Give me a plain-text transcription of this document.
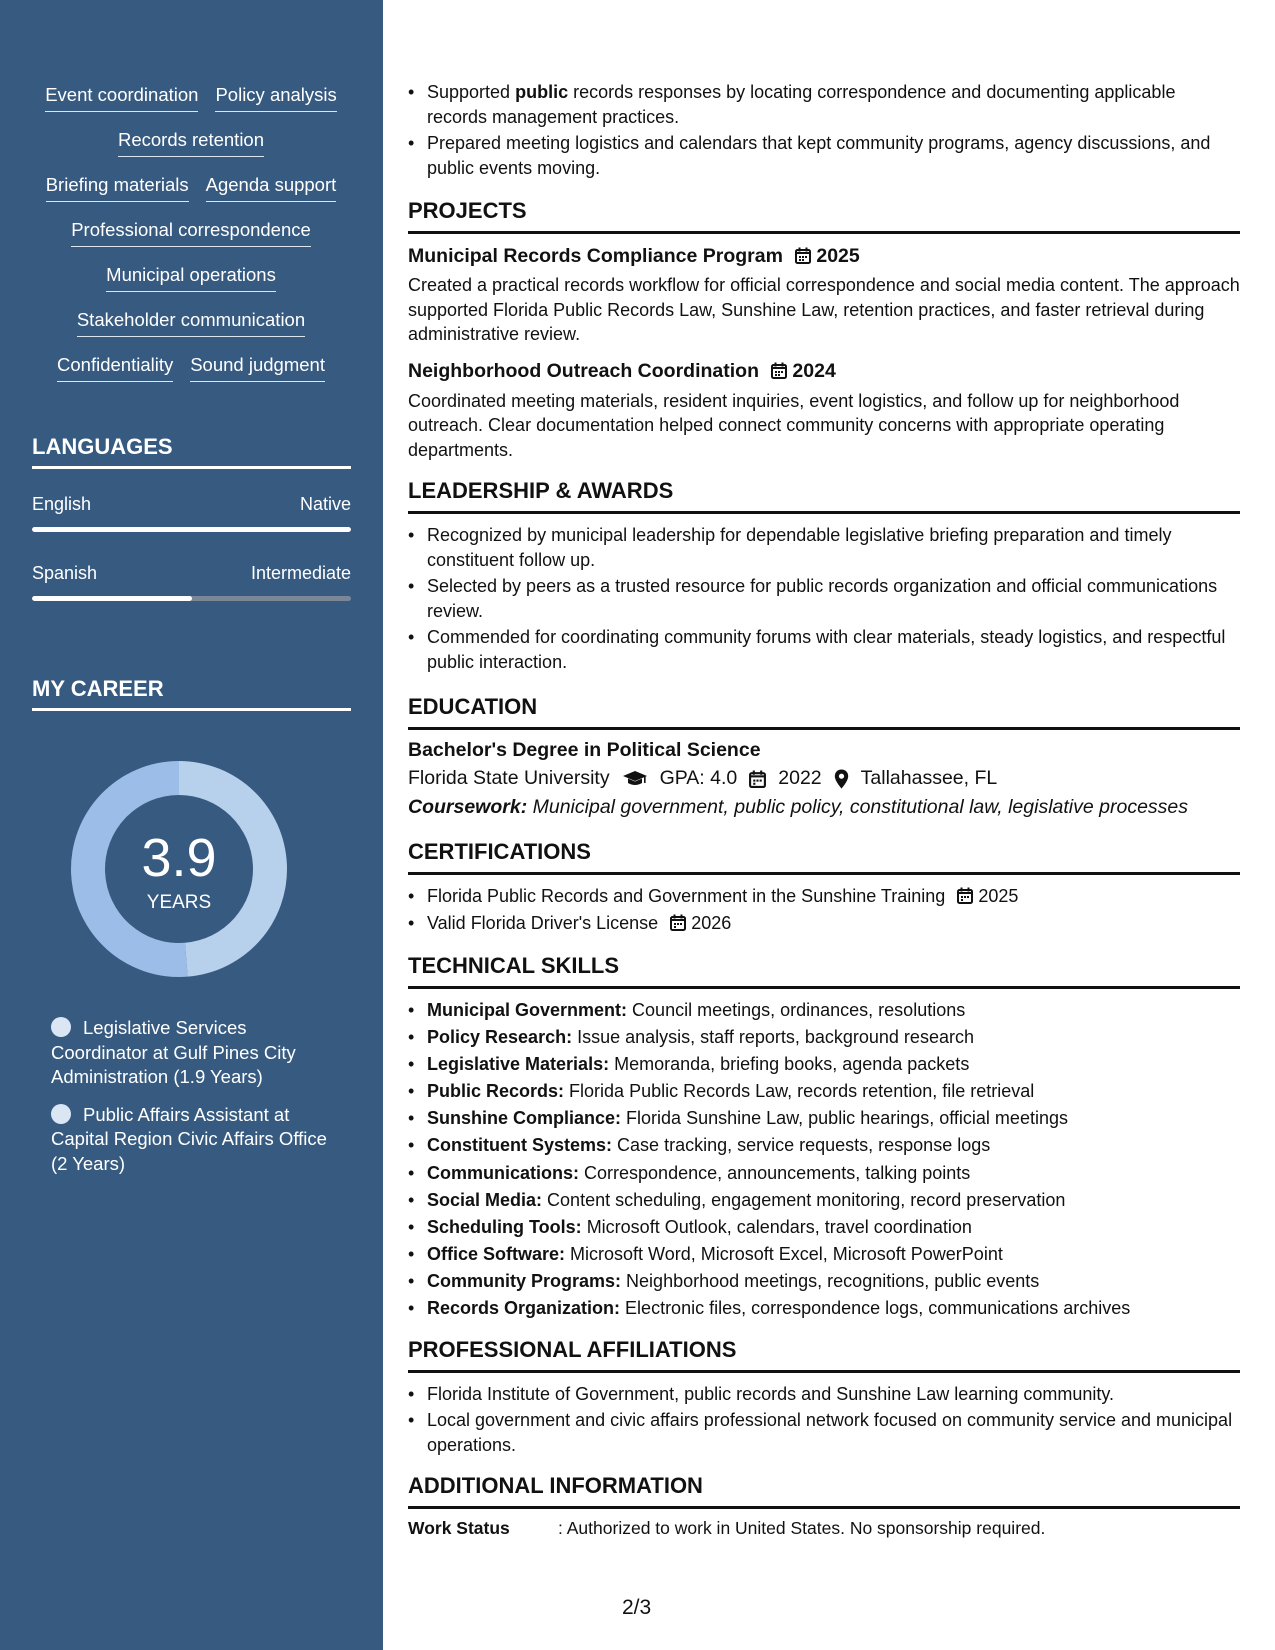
Event coordination Policy analysis
Records retention
Briefing materials Agenda support
Professional correspondence
Municipal operations
Stakeholder communication
Confidentiality Sound judgment
LANGUAGES
English	Native
Spanish	Intermediate
MY CAREER
3.9
YEARS
Legislative Services Coordinator at Gulf Pines City Administration (1.9 Years)
Public Affairs Assistant at Capital Region Civic Affairs Office (2 Years)
• Supported public records responses by locating correspondence and documenting applicable records management practices.
• Prepared meeting logistics and calendars that kept community programs, agency discussions, and public events moving.
PROJECTS
Municipal Records Compliance Program	2025
Created a practical records workflow for official correspondence and social media content. The approach supported Florida Public Records Law, Sunshine Law, retention practices, and faster retrieval during administrative review.
Neighborhood Outreach Coordination	2024
Coordinated meeting materials, resident inquiries, event logistics, and follow up for neighborhood outreach. Clear documentation helped connect community concerns with appropriate operating departments.
LEADERSHIP & AWARDS
• Recognized by municipal leadership for dependable legislative briefing preparation and timely constituent follow up.
• Selected by peers as a trusted resource for public records organization and official communications review.
• Commended for coordinating community forums with clear materials, steady logistics, and respectful public interaction.
EDUCATION
Bachelor's Degree in Political Science
Florida State University	GPA: 4.0 2022 Tallahassee, FL
Coursework: Municipal government, public policy, constitutional law, legislative processes
CERTIFICATIONS
• Florida Public Records and Government in the Sunshine Training	2025
• Valid Florida Driver's License	2026
TECHNICAL SKILLS
• Municipal Government: Council meetings, ordinances, resolutions
• Policy Research: Issue analysis, staff reports, background research
• Legislative Materials: Memoranda, briefing books, agenda packets
• Public Records: Florida Public Records Law, records retention, file retrieval
• Sunshine Compliance: Florida Sunshine Law, public hearings, official meetings
• Constituent Systems: Case tracking, service requests, response logs
• Communications: Correspondence, announcements, talking points
• Social Media: Content scheduling, engagement monitoring, record preservation
• Scheduling Tools: Microsoft Outlook, calendars, travel coordination
• Office Software: Microsoft Word, Microsoft Excel, Microsoft PowerPoint
• Community Programs: Neighborhood meetings, recognitions, public events
• Records Organization: Electronic files, correspondence logs, communications archives
PROFESSIONAL AFFILIATIONS
• Florida Institute of Government, public records and Sunshine Law learning community.
• Local government and civic affairs professional network focused on community service and municipal operations.
ADDITIONAL INFORMATION
Work Status	: Authorized to work in United States. No sponsorship required.
2/3
